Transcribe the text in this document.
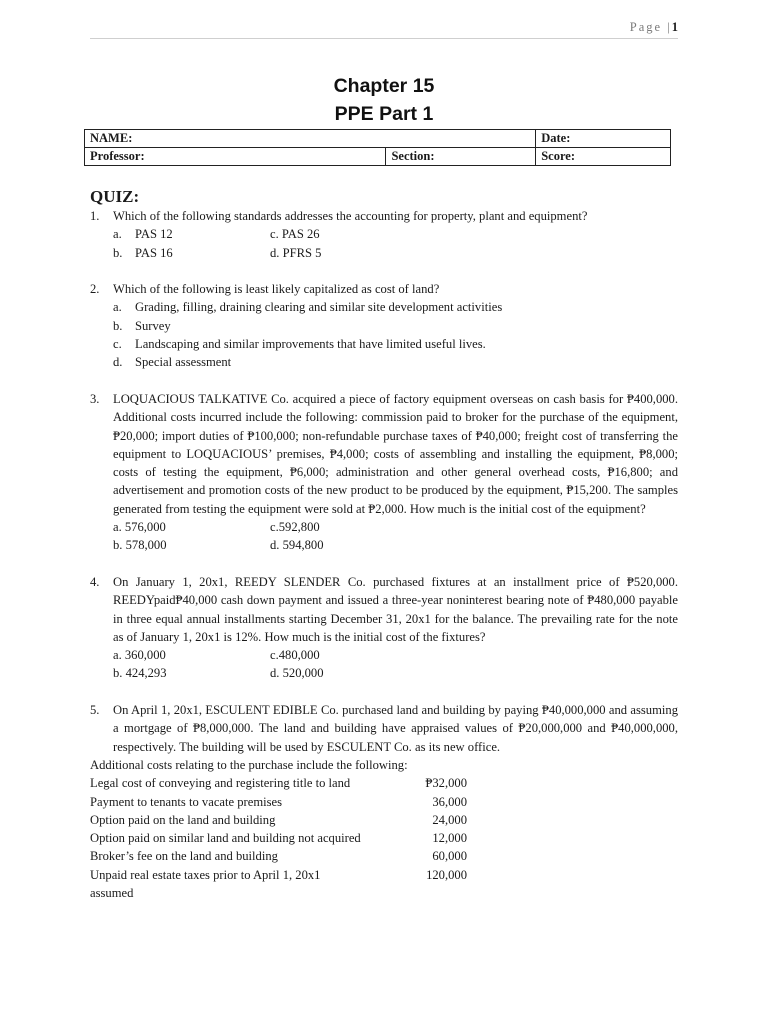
Page |1
Chapter 15
PPE Part 1
NAME:		Date:
Professor:	Section:	Score:
QUIZ:
1. Which of the following standards addresses the accounting for property, plant and equipment?
a. PAS 12	c. PAS 26
b. PAS 16	d. PFRS 5
2. Which of the following is least likely capitalized as cost of land?
a. Grading, filling, draining clearing and similar site development activities
b. Survey
c. Landscaping and similar improvements that have limited useful lives.
d. Special assessment
3. LOQUACIOUS TALKATIVE Co. acquired a piece of factory equipment overseas on cash basis for ₱400,000. Additional costs incurred include the following: commission paid to broker for the purchase of the equipment, ₱20,000; import duties of ₱100,000; non-refundable purchase taxes of ₱40,000; freight cost of transferring the equipment to LOQUACIOUS’ premises, ₱4,000; costs of assembling and installing the equipment, ₱8,000; costs of testing the equipment, ₱6,000; administration and other general overhead costs, ₱16,800; and advertisement and promotion costs of the new product to be produced by the equipment, ₱15,200. The samples generated from testing the equipment were sold at ₱2,000. How much is the initial cost of the equipment?
a. 576,000	c.592,800
b. 578,000	d. 594,800
4. On January 1, 20x1, REEDY SLENDER Co. purchased fixtures at an installment price of ₱520,000. REEDYpaid₱40,000 cash down payment and issued a three-year noninterest bearing note of ₱480,000 payable in three equal annual installments starting December 31, 20x1 for the balance. The prevailing rate for the note as of January 1, 20x1 is 12%. How much is the initial cost of the fixtures?
a. 360,000	c.480,000
b. 424,293	d. 520,000
5. On April 1, 20x1, ESCULENT EDIBLE Co. purchased land and building by paying ₱40,000,000 and assuming a mortgage of ₱8,000,000. The land and building have appraised values of ₱20,000,000 and ₱40,000,000, respectively. The building will be used by ESCULENT Co. as its new office.
Additional costs relating to the purchase include the following:
Legal cost of conveying and registering title to land	₱32,000
Payment to tenants to vacate premises	36,000
Option paid on the land and building	24,000
Option paid on similar land and building not acquired	12,000
Broker’s fee on the land and building	60,000
Unpaid real estate taxes prior to April 1, 20x1	120,000
assumed
